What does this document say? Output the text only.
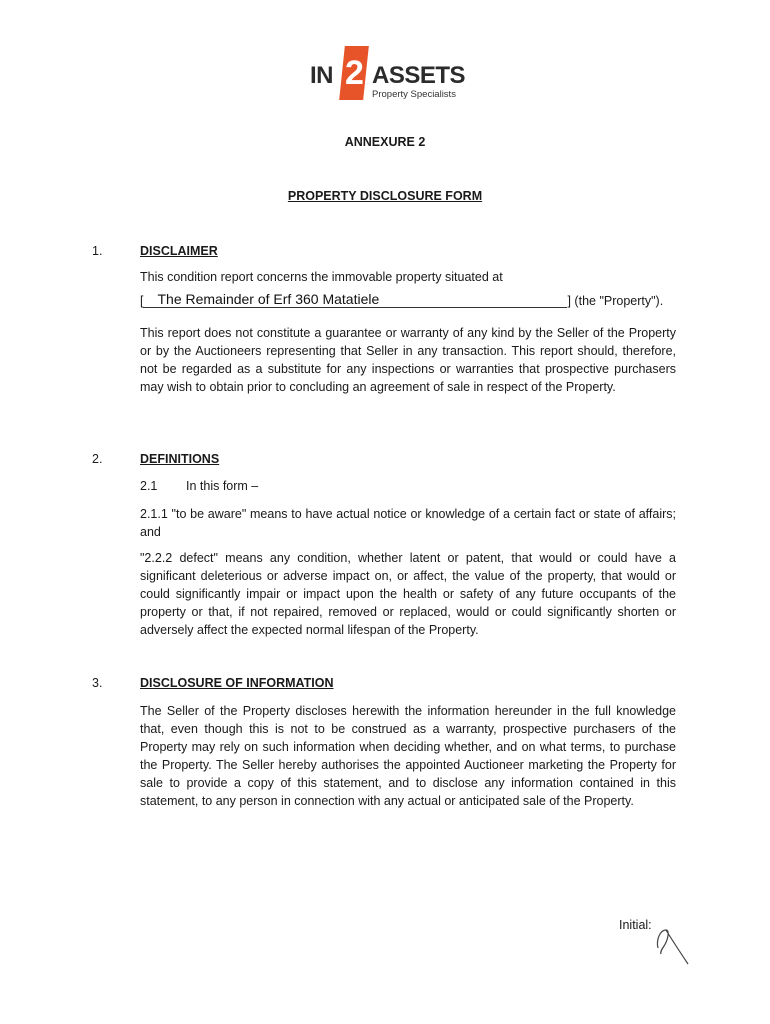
IN 2 ASSETS
Property Specialists
ANNEXURE 2
PROPERTY DISCLOSURE FORM
1.	DISCLAIMER
This condition report concerns the immovable property situated at
[ The Remainder of Erf 360 Matatiele	] (the "Property").
This report does not constitute a guarantee or warranty of any kind by the Seller of the Property or by the Auctioneers representing that Seller in any transaction. This report should, therefore, not be regarded as a substitute for any inspections or warranties that prospective purchasers may wish to obtain prior to concluding an agreement of sale in respect of the Property.
2.	DEFINITIONS
2.1 In this form –
2.1.1 "to be aware" means to have actual notice or knowledge of a certain fact or state of affairs; and
"2.2.2 defect" means any condition, whether latent or patent, that would or could have a significant deleterious or adverse impact on, or affect, the value of the property, that would or could significantly impair or impact upon the health or safety of any future occupants of the property or that, if not repaired, removed or replaced, would or could significantly shorten or adversely affect the expected normal lifespan of the Property.
3.	DISCLOSURE OF INFORMATION
The Seller of the Property discloses herewith the information hereunder in the full knowledge that, even though this is not to be construed as a warranty, prospective purchasers of the Property may rely on such information when deciding whether, and on what terms, to purchase the Property. The Seller hereby authorises the appointed Auctioneer marketing the Property for sale to provide a copy of this statement, and to disclose any information contained in this statement, to any person in connection with any actual or anticipated sale of the Property.
Initial:
